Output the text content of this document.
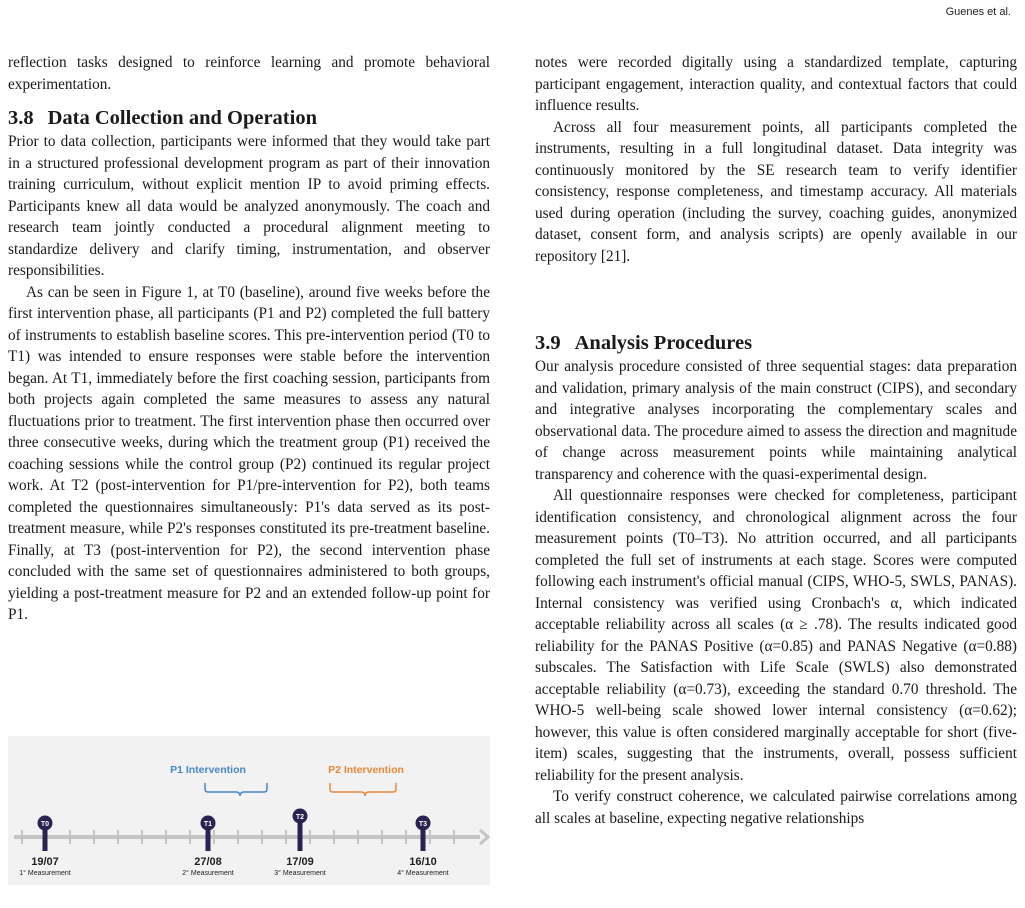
Guenes et al.

reflection tasks designed to reinforce learning and promote behavioral experimentation.

3.8 Data Collection and Operation

Prior to data collection, participants were informed that they would take part in a structured professional development program as part of their innovation training curriculum, without explicit mention IP to avoid priming effects. Participants knew all data would be analyzed anonymously. The coach and research team jointly conducted a procedural alignment meeting to standardize delivery and clarify timing, instrumentation, and observer responsibilities.

As can be seen in Figure 1, at T0 (baseline), around five weeks before the first intervention phase, all participants (P1 and P2) completed the full battery of instruments to establish baseline scores. This pre-intervention period (T0 to T1) was intended to ensure responses were stable before the intervention began. At T1, immediately before the first coaching session, participants from both projects again completed the same measures to assess any natural fluctuations prior to treatment. The first intervention phase then occurred over three consecutive weeks, during which the treatment group (P1) received the coaching sessions while the control group (P2) continued its regular project work. At T2 (post-intervention for P1/pre-intervention for P2), both teams completed the questionnaires simultaneously: P1's data served as its post-treatment measure, while P2's responses constituted its pre-treatment baseline. Finally, at T3 (post-intervention for P2), the second intervention phase concluded with the same set of questionnaires administered to both groups, yielding a post-treatment measure for P2 and an extended follow-up point for P1.

notes were recorded digitally using a standardized template, capturing participant engagement, interaction quality, and contextual factors that could influence results.

Across all four measurement points, all participants completed the instruments, resulting in a full longitudinal dataset. Data integrity was continuously monitored by the SE research team to verify identifier consistency, response completeness, and timestamp accuracy. All materials used during operation (including the survey, coaching guides, anonymized dataset, consent form, and analysis scripts) are openly available in our repository [21].

3.9 Analysis Procedures

Our analysis procedure consisted of three sequential stages: data preparation and validation, primary analysis of the main construct (CIPS), and secondary and integrative analyses incorporating the complementary scales and observational data. The procedure aimed to assess the direction and magnitude of change across measurement points while maintaining analytical transparency and coherence with the quasi-experimental design.

All questionnaire responses were checked for completeness, participant identification consistency, and chronological alignment across the four measurement points (T0–T3). No attrition occurred, and all participants completed the full set of instruments at each stage. Scores were computed following each instrument's official manual (CIPS, WHO-5, SWLS, PANAS). Internal consistency was verified using Cronbach's α, which indicated acceptable reliability across all scales (α ≥ .78). The results indicated good reliability for the PANAS Positive (α=0.85) and PANAS Negative (α=0.88) subscales. The Satisfaction with Life Scale (SWLS) also demonstrated acceptable reliability (α=0.73), exceeding the standard 0.70 threshold. The WHO-5 well-being scale showed lower internal consistency (α=0.62); however, this value is often considered marginally acceptable for short (five-item) scales, suggesting that the instruments, overall, possess sufficient reliability for the present analysis.

To verify construct coherence, we calculated pairwise correlations among all scales at baseline, expecting negative relationships

P1 Intervention	P2 Intervention
T0
19/07
1° Measurement
T1
27/08
2° Measurement
T2
17/09
3° Measurement
T3
16/10
4° Measurement
